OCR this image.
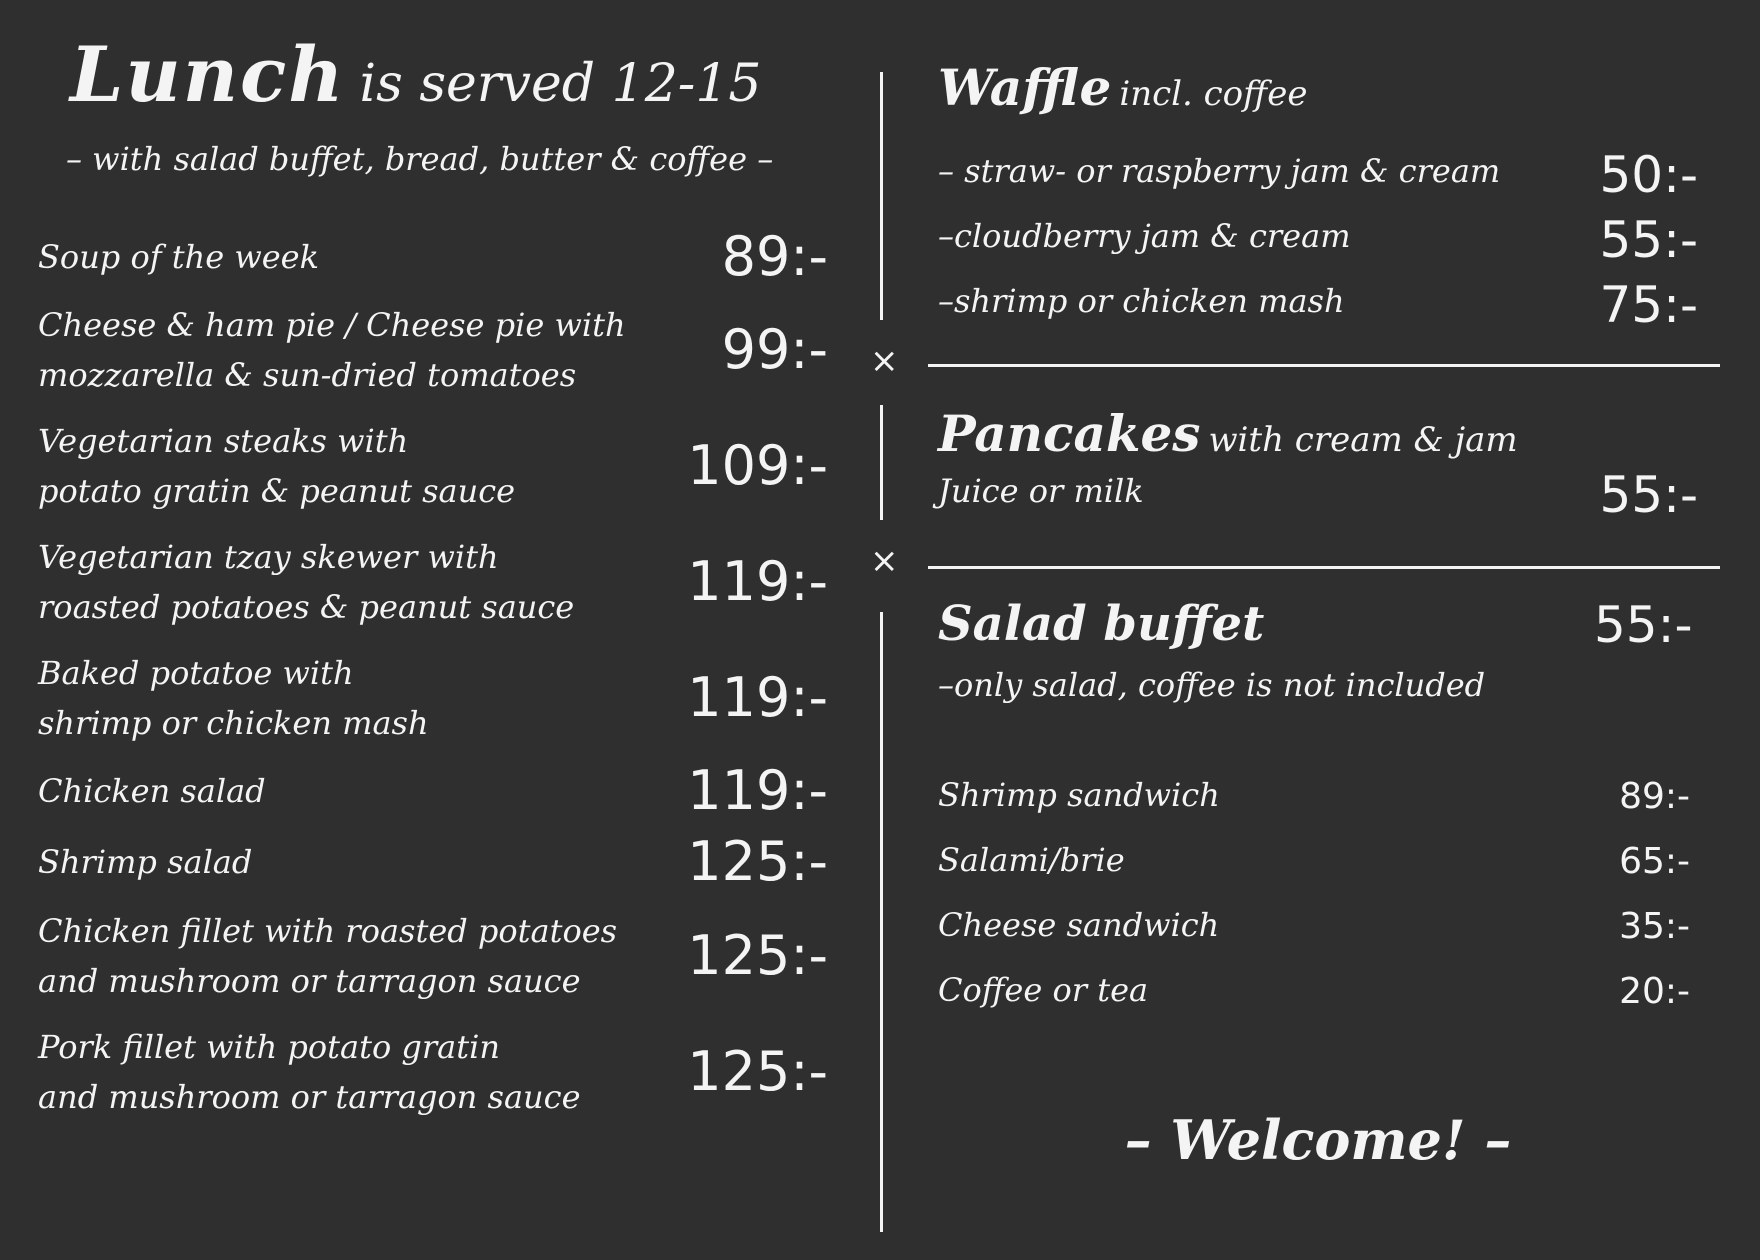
Lunch is served 12-15
– with salad buffet, bread, butter & coffee –
Soup of the week	89:-
Cheese & ham pie / Cheese pie with
mozzarella & sun-dried tomatoes	99:-
Vegetarian steaks with
potato gratin & peanut sauce	109:-
Vegetarian tzay skewer with
roasted potatoes & peanut sauce	119:-
Baked potatoe with
shrimp or chicken mash	119:-
Chicken salad	119:-
Shrimp salad	125:-
Chicken fillet with roasted potatoes
and mushroom or tarragon sauce	125:-
Pork fillet with potato gratin
and mushroom or tarragon sauce	125:-
×
×
Waffle incl. coffee
– straw- or raspberry jam & cream 50:-
–cloudberry jam & cream	55:-
–shrimp or chicken mash	75:-
Pancakes with cream & jam
Juice or milk	55:-
Salad buffet	55:-
–only salad, coffee is not included
Shrimp sandwich	89:-
Salami/brie	65:-
Cheese sandwich	35:-
Coffee or tea	20:-
– Welcome! –
